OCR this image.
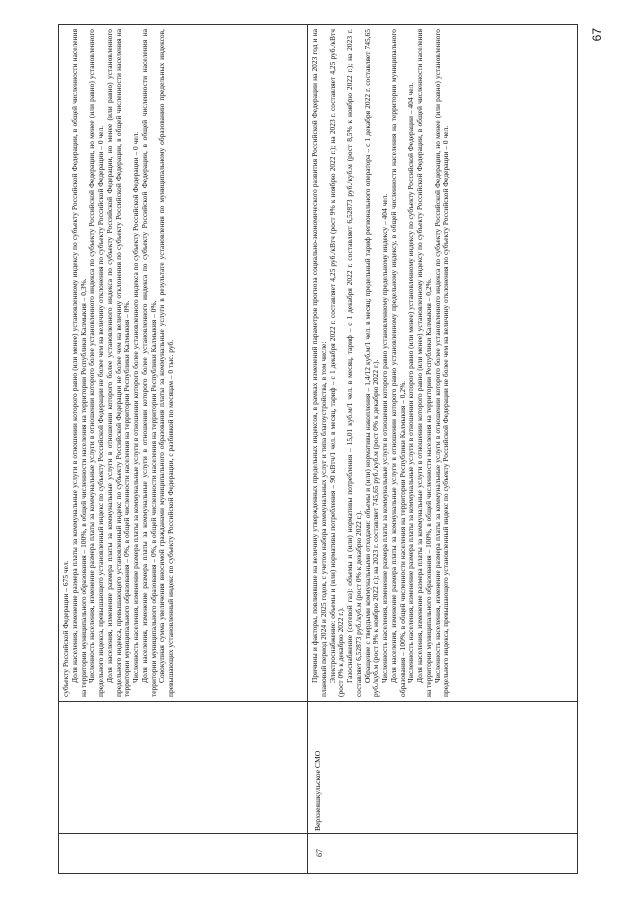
субъекту Российской Федерации – 675 чел. Доля населения, изменение размера платы за коммунальные услуги в отношении которого равно (или менее) установленному индексу по субъекту Российской Федерации, в общей численности населения на территории муниципального образования – 100%, в общей численности населения на территории Республики Калмыкия – 0,3%. Численность населения, изменение размера платы за коммунальные услуги в отношении которого более установленного индекса по субъекту Российской Федерации, но менее (или равно) установленного предельного индекса, превышающего установленный индекс по субъекту Российской Федерации не более чем на величину отклонения по субъекту Российской Федерации – 0 чел. Доля населения, изменение размера платы за коммунальные услуги в отношении которого более установленного индекса по субъекту Российской Федерации, но менее (или равно) установленного предельного индекса, превышающего установленный индекс по субъекту Российской Федерации не более чем на величину отклонения по субъекту Российской Федерации, в общей численности населения на территории муниципального образования – 0%, в общей численности населения на территории Республики Калмыкия – 0%. Численность населения, изменение размера платы за коммунальные услуги в отношении которого более установленного индекса по субъекту Российской Федерации – 0 чел. Доля населения, изменение размера платы за коммунальные услуги в отношении которого более установленного индекса по субъекту Российской Федерации, в общей численности населения на территории муниципального образования – 0%, в общей численности населения на территории Республики Калмыкия – 0%. Совокупная сумма увеличения вносимой гражданами муниципального образования платы за коммунальные услуги в результате установления по муниципальному образованию предельных индексов, превышающих установленный индекс по субъекту Российской Федерации, с разбивкой по месяцам – 0 тыс. руб.

67
Верхнеяшкульское СМО

Причины и факторы, повлиявшие на величину утвержденных предельных индексов, в рамках изменений параметров прогноза социально-экономического развития Российской Федерации на 2023 год и на плановый период 2024 и 2025 годов, с учетом набора коммунальных услуг и типа благоустройства, в том числе: Электроснабжение: объемы и (или) нормативы потребления – 90 кВтч/1 чел. в месяц, тариф – с 1 декабря 2022 г. составляет 4,25 руб./кВтч (рост 9% к ноябрю 2022 г.); на 2023 г. составляет 4,25 руб./кВтч (рост 0% к декабрю 2022 г.). Газоснабжение (сетевой газ): объемы и (или) нормативы потребления – 15,01 куб.м/1 чел. в месяц, тариф – с 1 декабря 2022 г. составляет 6,52873 руб./куб.м (рост 8,5% к ноябрю 2022 г.); на 2023 г. составляет 6,52873 руб./куб.м (рост 0% к декабрю 2022 г.). Обращение с твердыми коммунальными отходами: объемы и (или) нормативы накопления – 1,4/12 куб.м/1 чел. в месяц; предельный тариф регионального оператора – с 1 декабря 2022 г. составляет 745,65 руб./куб.м (рост 9% к ноябрю 2022 г.); на 2023 г. составляет 745,65 руб./куб.м (рост 0% к декабрю 2022 г.). Численность населения, изменение размера платы за коммунальные услуги в отношении которого равно установленному предельному индексу – 404 чел. Доля населения, изменение размера платы за коммунальные услуги в отношении которого равно установленному предельному индексу, в общей численности населения на территории муниципального образования – 100%, в общей численности населения на территории Республики Калмыкия – 0,2%. Численность населения, изменение размера платы за коммунальные услуги в отношении которого равно (или менее) установленному индексу по субъекту Российской Федерации – 404 чел. Доля населения, изменение размера платы за коммунальные услуги в отношении которого равно (или менее) установленному индексу по субъекту Российской Федерации, в общей численности населения на территории муниципального образования – 100%, в общей численности населения на территории Республики Калмыкия – 0,2%. Численность населения, изменение размера платы за коммунальные услуги в отношении которого более установленного индекса по субъекту Российской Федерации, но менее (или равно) установленного предельного индекса, превышающего установленный индекс по субъекту Российской Федерации не более чем на величину отклонения по субъекту Российской Федерации – 0 чел.

67
